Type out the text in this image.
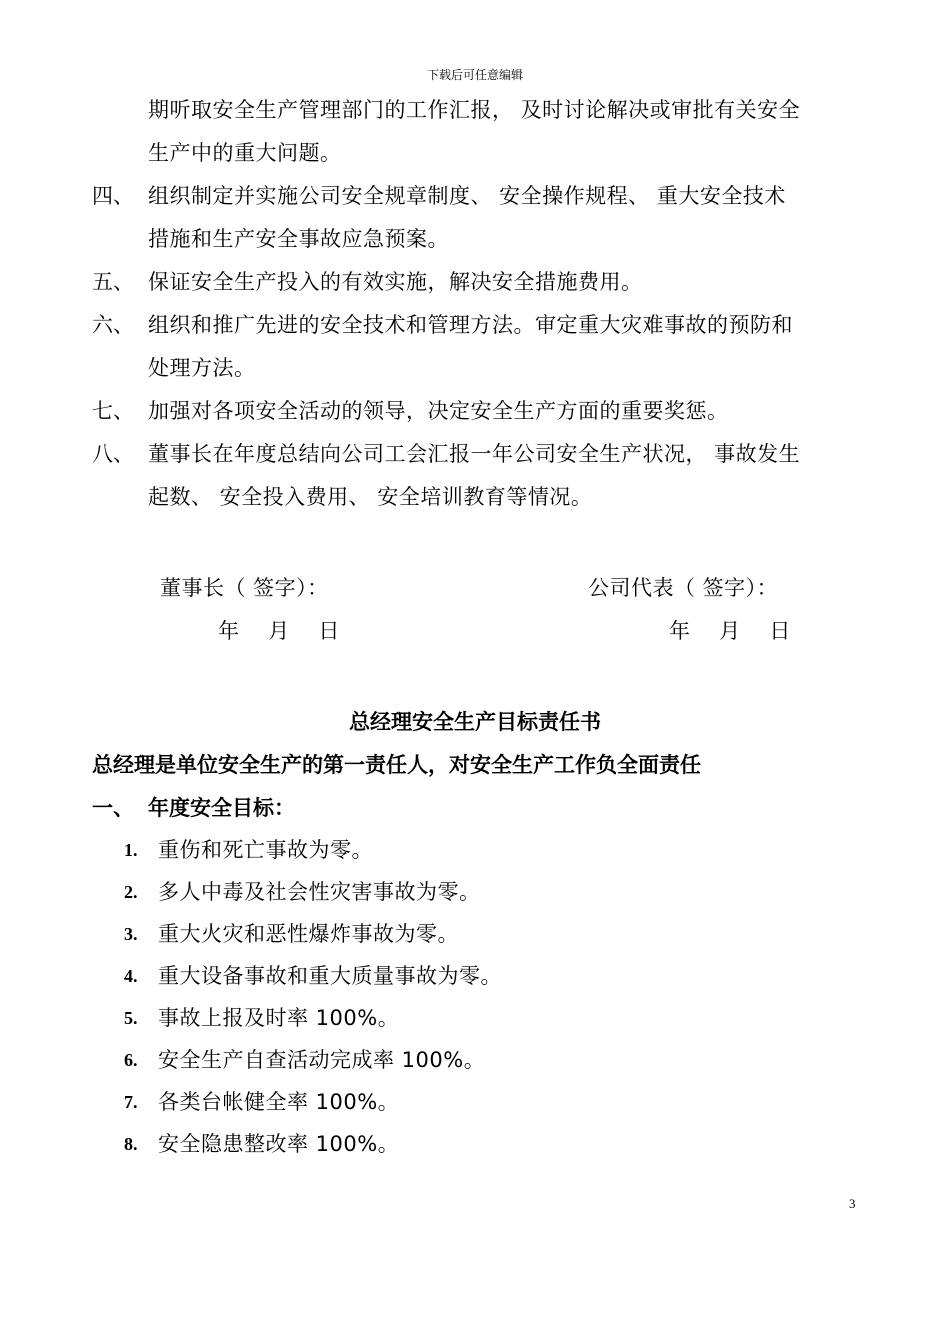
下载后可任意编辑
期听取安全生产管理部门的工作汇报， 及时讨论解决或审批有关安全
生产中的重大问题。
四、 组织制定并实施公司安全规章制度、 安全操作规程、 重大安全技术
措施和生产安全事故应急预案。
五、 保证安全生产投入的有效实施，解决安全措施费用。
六、 组织和推广先进的安全技术和管理方法。审定重大灾难事故的预防和
处理方法。
七、 加强对各项安全活动的领导，决定安全生产方面的重要奖惩。
八、 董事长在年度总结向公司工会汇报一年公司安全生产状况， 事故发生
起数、 安全投入费用、 安全培训教育等情况。
董事长（ 签字）：
年    月    日
公司代表（ 签字）：
年    月    日
总经理安全生产目标责任书
总经理是单位安全生产的第一责任人，对安全生产工作负全面责任
一、 年度安全目标：
1. 重伤和死亡事故为零。
2. 多人中毒及社会性灾害事故为零。
3. 重大火灾和恶性爆炸事故为零。
4. 重大设备事故和重大质量事故为零。
5. 事故上报及时率 100%。
6. 安全生产自查活动完成率 100%。
7. 各类台帐健全率 100%。
8. 安全隐患整改率 100%。
3
